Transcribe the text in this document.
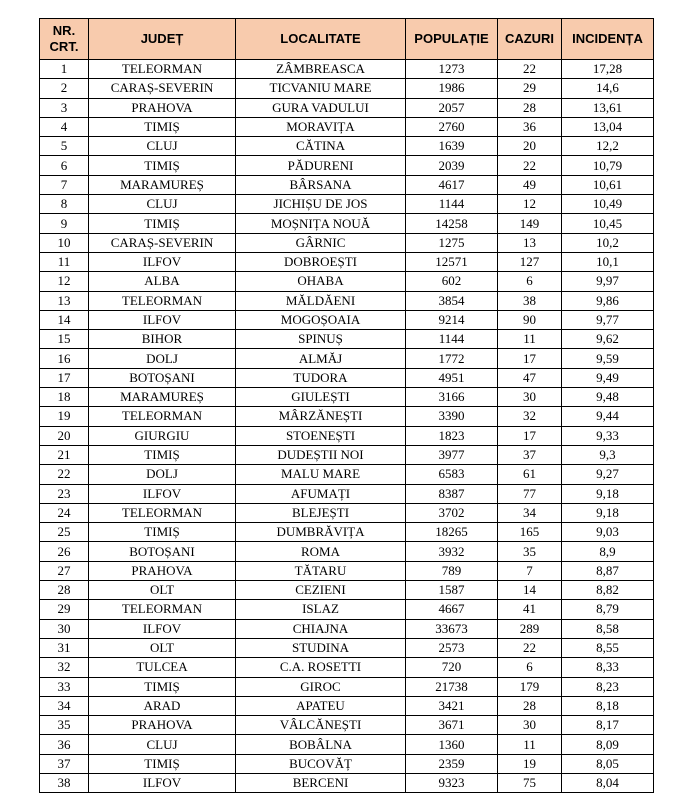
NR.
CRT.	JUDEȚ	LOCALITATE	POPULAȚIE	CAZURI	INCIDENȚA
1	TELEORMAN	ZÂMBREASCA	1273	22	17,28
2	CARAȘ-SEVERIN	TICVANIU MARE	1986	29	14,6
3	PRAHOVA	GURA VADULUI	2057	28	13,61
4	TIMIȘ	MORAVIȚA	2760	36	13,04
5	CLUJ	CĂTINA	1639	20	12,2
6	TIMIȘ	PĂDURENI	2039	22	10,79
7	MARAMUREȘ	BÂRSANA	4617	49	10,61
8	CLUJ	JICHIȘU DE JOS	1144	12	10,49
9	TIMIȘ	MOȘNIȚA NOUĂ	14258	149	10,45
10	CARAȘ-SEVERIN	GÂRNIC	1275	13	10,2
11	ILFOV	DOBROEȘTI	12571	127	10,1
12	ALBA	OHABA	602	6	9,97
13	TELEORMAN	MĂLDĂENI	3854	38	9,86
14	ILFOV	MOGOȘOAIA	9214	90	9,77
15	BIHOR	SPINUȘ	1144	11	9,62
16	DOLJ	ALMĂJ	1772	17	9,59
17	BOTOȘANI	TUDORA	4951	47	9,49
18	MARAMUREȘ	GIULEȘTI	3166	30	9,48
19	TELEORMAN	MÂRZĂNEȘTI	3390	32	9,44
20	GIURGIU	STOENEȘTI	1823	17	9,33
21	TIMIȘ	DUDEȘTII NOI	3977	37	9,3
22	DOLJ	MALU MARE	6583	61	9,27
23	ILFOV	AFUMAȚI	8387	77	9,18
24	TELEORMAN	BLEJEȘTI	3702	34	9,18
25	TIMIȘ	DUMBRĂVIȚA	18265	165	9,03
26	BOTOȘANI	ROMA	3932	35	8,9
27	PRAHOVA	TĂTARU	789	7	8,87
28	OLT	CEZIENI	1587	14	8,82
29	TELEORMAN	ISLAZ	4667	41	8,79
30	ILFOV	CHIAJNA	33673	289	8,58
31	OLT	STUDINA	2573	22	8,55
32	TULCEA	C.A. ROSETTI	720	6	8,33
33	TIMIȘ	GIROC	21738	179	8,23
34	ARAD	APATEU	3421	28	8,18
35	PRAHOVA	VÂLCĂNEȘTI	3671	30	8,17
36	CLUJ	BOBÂLNA	1360	11	8,09
37	TIMIȘ	BUCOVĂȚ	2359	19	8,05
38	ILFOV	BERCENI	9323	75	8,04
